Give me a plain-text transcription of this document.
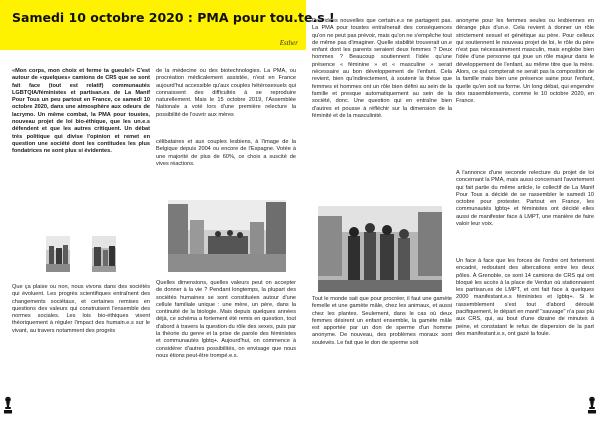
Samedi 10 octobre 2020 : PMA pour tou.te.s !
Esther

«Mon corps, mon choix et ferme ta gueule!» C'est autour de «quelques» camions de CR5 que se sont fait face (tout est relatif) communautés LGBTQIA/féministes et partisan.es de La Manif Pour Tous un peu partout en France, ce samedi 10 octobre 2020, dans une atmosphère aux odeurs de lacrymo. Un même combat, la PMA pour toustes, nouveau projet de loi bio-éthique, que les un.e.s défendent et que les autres critiquent. Un débat très politique qui divise l'opinion et remet en question une société dont les contitudes les plus fondatrices ne sont plus si évidentes.

Que ça plaise ou non, nous vivons dans des sociétés qui évoluent. Les progrès scientifiques entraînent des changements sociétaux, et certaines remises en questions des valeurs qui construisent l'ensemble des normes sociales. Les lois bio-éthiques visent théoriquement à réguler l'impact des humain.e.s sur le vivant, au travers notamment des progrès

de la médecine ou des biotechnologies. La PMA, ou procréation médicalement assistée, n'est en France aujourd'hui accessible qu'aux couples hétérosexuels qui connaissent des difficultés à se reproduire naturellement. Mais le 15 octobre 2019, l'Assemblée Nationale a voté lors d'une première relecture la possibilité de l'ouvrir aux mères

célibataires et aux couples lesbiens, à l'image de la Belgique depuis 2004 ou encore de l'Espagne. Votée à une majorité de plus de 60%, ce choix a suscité de vives réactions.

Quelles dimensions, quelles valeurs peut on accepter de donner à la vie ? Pendant longtemps, la plupart des sociétés humaines se sont constituées autour d'une cellule familiale unique : une mère, un père, dans la continuité de la biologie. Mais depuis quelques années déjà, ce schéma a fortement été remis en question, tout d'abord à travers la question du rôle des sexes, puis par la théorie du genre et la prise de parole des féministes et communautés lgbtq+. Aujourd'hui, on commence à considérer d'autres possibilités, on envisage que nous nous étions peut-être trompé.e.s.

Des idées nouvelles que certain.e.s ne partagent pas. La PMA pour toustes entraînerait des conséquences qu'on ne peut pas prévoir, mais qu'on ne s'empêche tout de même pas d'imaginer. Quelle stabilité trouverait un.e enfant dont les parents seraient deux femmes ? Deux hommes ? Beaucoup soutiennent l'idée qu'une présence « féminine » et « masculine » serait nécessaire au bon développement de l'enfant. Cela revient, bien qu'indirectement, à soutenir la thèse que femmes et hommes ont un rôle bien défini au sein de la famille et presque automatiquement au sein de la société, donc. Une question qui en entraîne bien d'autres et pousse à réfléchir sur la dimension de la féminité et de la masculinité.

Tout le monde sait que pour procréer, il faut une gamète femelle et une gamète mâle, chez les animaux, et aussi chez les plantes. Seulement, dans le cas où deux femmes désirent un enfant ensemble, la gamète mâle est apportée par un don de sperme d'un homme anonyme. De nouveau, des problèmes moraux sont soulevés. Le fait que le don de sperme soit

anonyme pour les femmes seules ou lesbiennes en dérange plus d'un.e. Cela revient à donner un rôle strictement sexuel et génétique au père. Pour celleux qui soutiennent le nouveau projet de loi, le rôle du père n'est pas nécessairement masculin, mais englobe bien l'idée d'une personne qui joue un rôle majeur dans le développement de l'enfant, au même titre que la mère. Alors, ce qui compterait ne serait pas la composition de la famille mais bien une présence saine pour l'enfant, quelle qu'en soit sa forme. Un long débat, qui engendre des rassemblements, comme le 10 octobre 2020, en France.

A l'annonce d'une seconde relecture du projet de loi concernant la PMA, mais aussi concernant l'avortement qui fait partie du même article, le collectif de La Manif Pour Tous a décidé de se rassembler le samedi 10 octobre pour protester. Partout en France, les communautés lgbtq+ et féministes ont décidé elles aussi de manifester face à LMPT, une manière de faire valoir leur voix.

Un face à face que les forces de l'ordre ont fortement encadré, redoutant des altercations entre les deux pôles. À Grenoble, ce sont 14 camions de CRS qui ont bloqué les accès à la place de Verdun où stationnaient les partisan.es de LMPT, et ont fait face à quelques 2000 manifestant.e.s féministes et lgbtq+. Si le rassemblement s'est tout d'abord déroulé pacifiquement, le départ en manif "sauvage" n'a pas plu aux CRS, qui, au bout d'une dizaine de minutes à peine, et constatant le refus de dispersion de la part des manifestant.e.s, ont gazé la foule.
